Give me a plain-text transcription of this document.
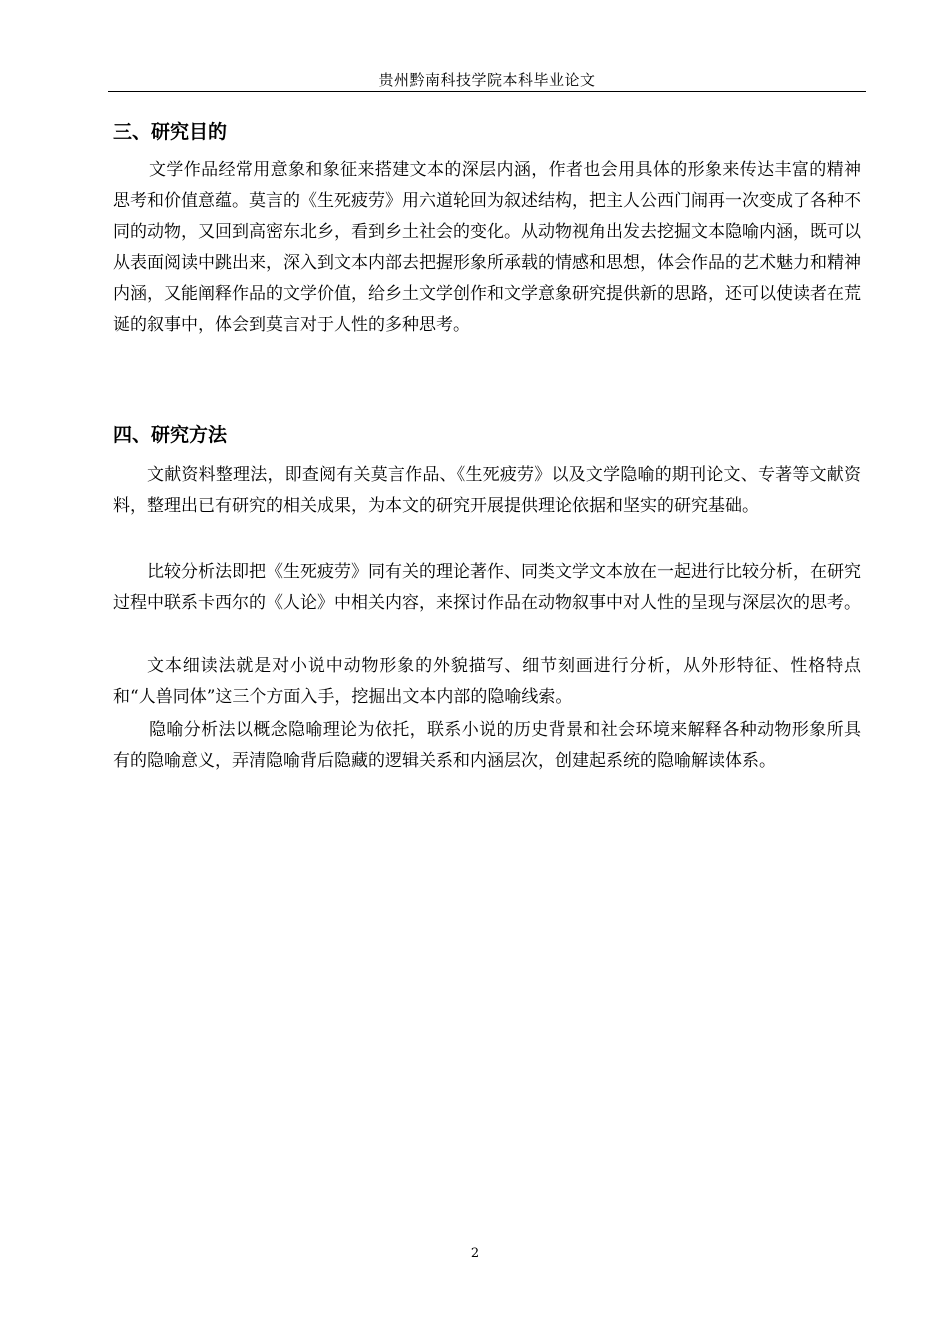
贵州黔南科技学院本科毕业论文
三、研究目的

文学作品经常用意象和象征来搭建文本的深层内涵，作者也会用具体的形象来传达丰富的精神思考和价值意蕴。莫言的《生死疲劳》用六道轮回为叙述结构，把主人公西门闹再一次变成了各种不同的动物，又回到高密东北乡，看到乡土社会的变化。从动物视角出发去挖掘文本隐喻内涵，既可以从表面阅读中跳出来，深入到文本内部去把握形象所承载的情感和思想，体会作品的艺术魅力和精神内涵，又能阐释作品的文学价值，给乡土文学创作和文学意象研究提供新的思路，还可以使读者在荒诞的叙事中，体会到莫言对于人性的多种思考。

四、研究方法

文献资料整理法，即查阅有关莫言作品、《生死疲劳》以及文学隐喻的期刊论文、专著等文献资料，整理出已有研究的相关成果，为本文的研究开展提供理论依据和坚实的研究基础。

比较分析法即把《生死疲劳》同有关的理论著作、同类文学文本放在一起进行比较分析，在研究过程中联系卡西尔的《人论》中相关内容，来探讨作品在动物叙事中对人性的呈现与深层次的思考。

文本细读法就是对小说中动物形象的外貌描写、细节刻画进行分析，从外形特征、性格特点和“人兽同体”这三个方面入手，挖掘出文本内部的隐喻线索。

隐喻分析法以概念隐喻理论为依托，联系小说的历史背景和社会环境来解释各种动物形象所具有的隐喻意义，弄清隐喻背后隐藏的逻辑关系和内涵层次，创建起系统的隐喻解读体系。

2
